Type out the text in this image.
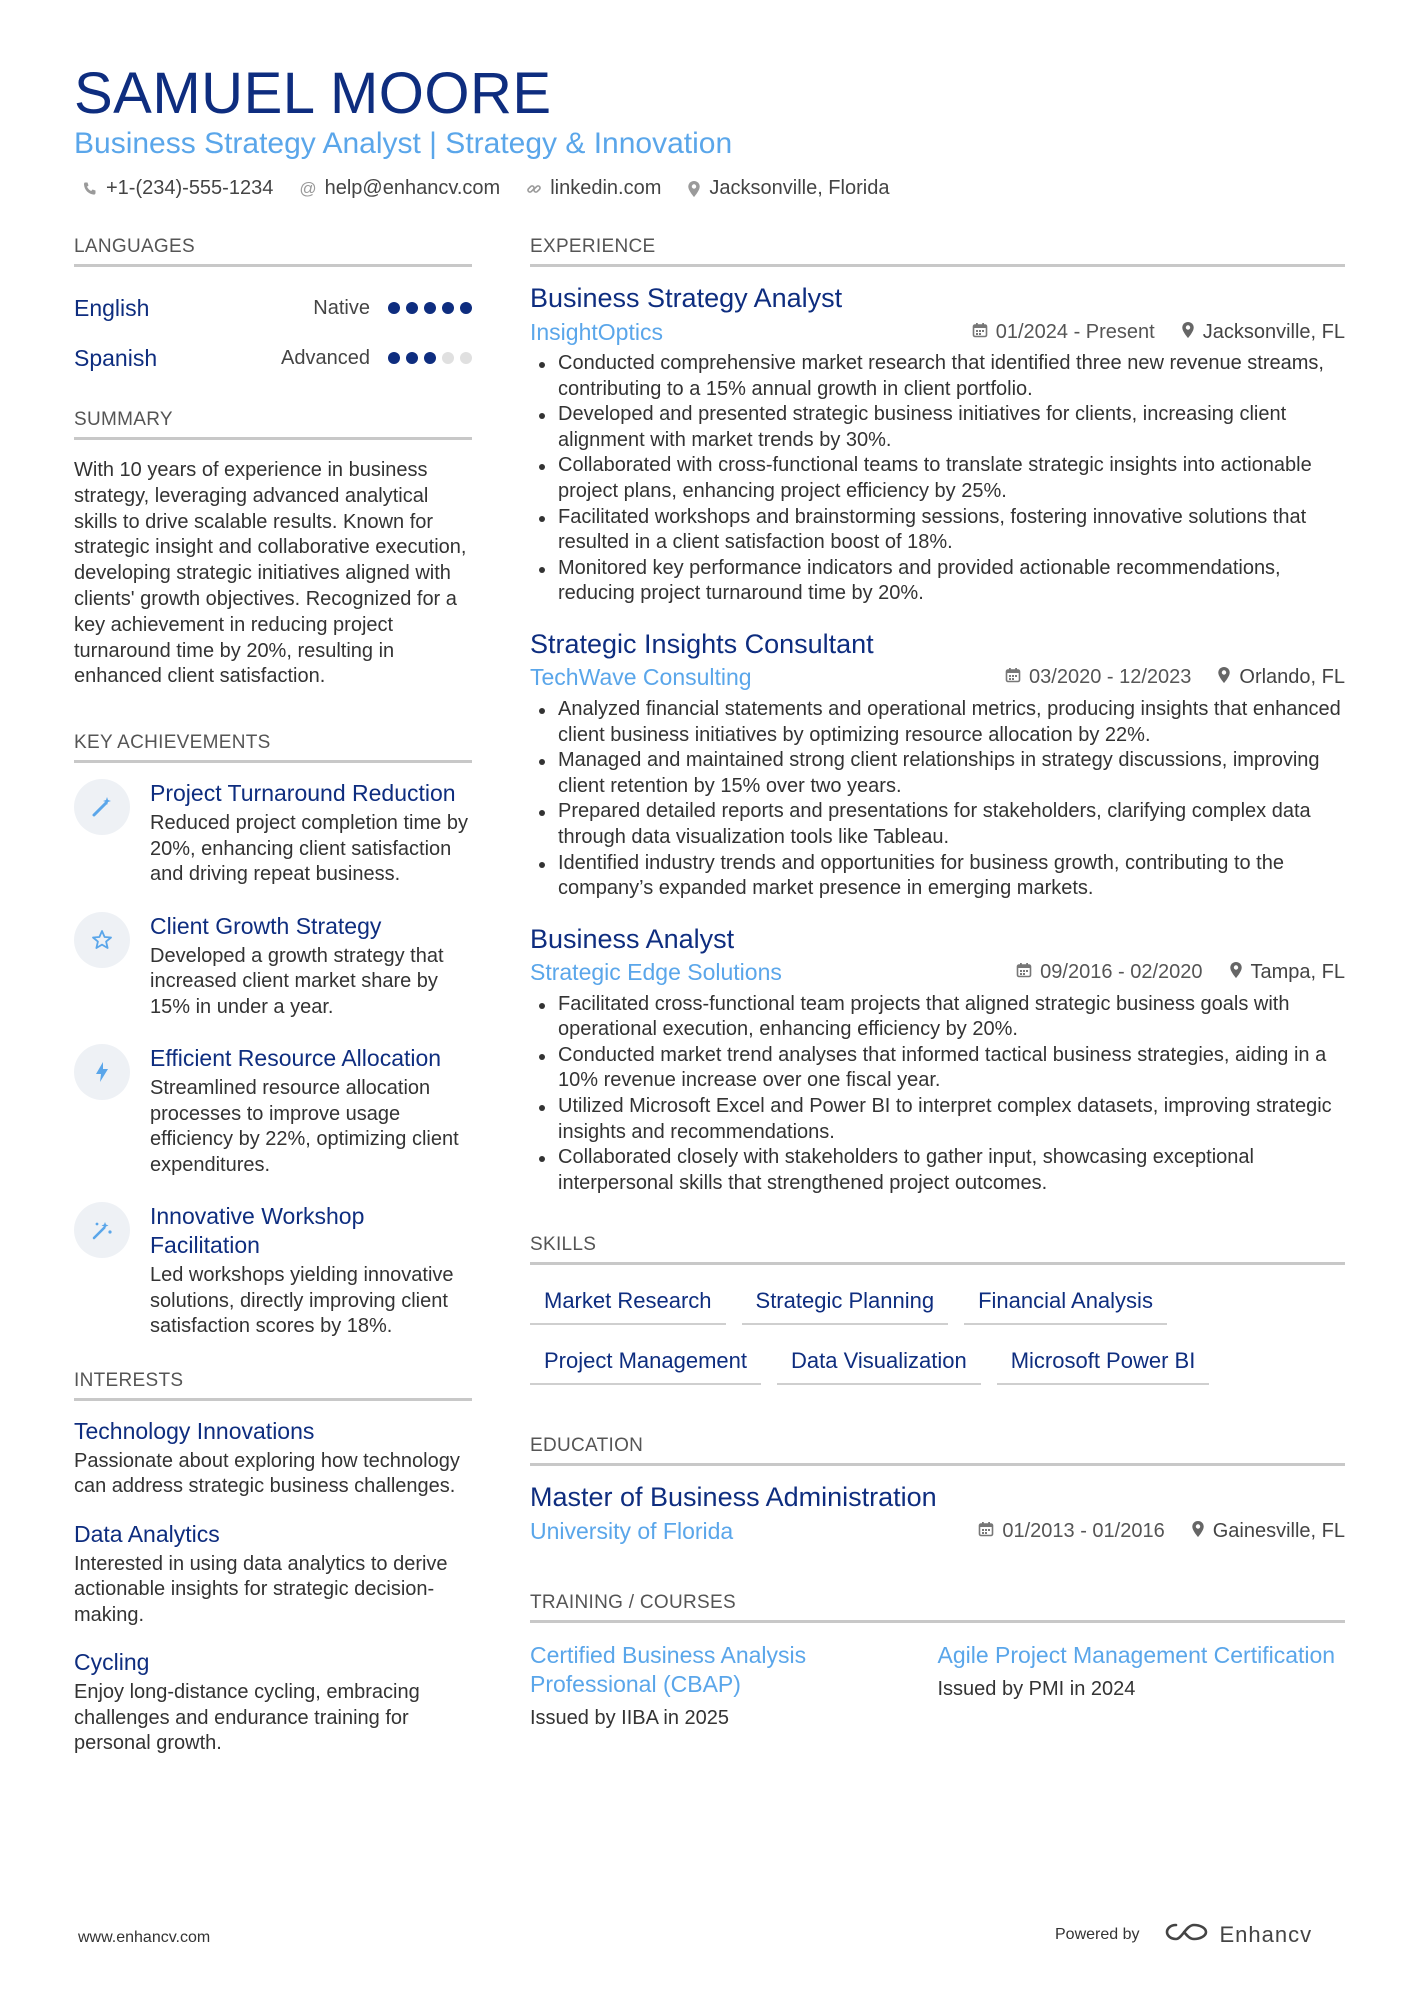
SAMUEL MOORE
Business Strategy Analyst | Strategy & Innovation
+1-(234)-555-1234 @ help@enhancv.com	linkedin.com Jacksonville, Florida
LANGUAGES
English	Native
Spanish	Advanced
SUMMARY
With 10 years of experience in business strategy, leveraging advanced analytical skills to drive scalable results. Known for strategic insight and collaborative execution, developing strategic initiatives aligned with clients' growth objectives. Recognized for a key achievement in reducing project turnaround time by 20%, resulting in enhanced client satisfaction.
KEY ACHIEVEMENTS
Project Turnaround Reduction
Reduced project completion time by 20%, enhancing client satisfaction and driving repeat business.
Client Growth Strategy
Developed a growth strategy that increased client market share by 15% in under a year.
Efficient Resource Allocation
Streamlined resource allocation processes to improve usage efficiency by 22%, optimizing client expenditures.
Innovative Workshop Facilitation
Led workshops yielding innovative solutions, directly improving client satisfaction scores by 18%.
INTERESTS
Technology Innovations
Passionate about exploring how technology can address strategic business challenges.
Data Analytics
Interested in using data analytics to derive actionable insights for strategic decision-making.
Cycling
Enjoy long-distance cycling, embracing challenges and endurance training for personal growth.
EXPERIENCE
Business Strategy Analyst
InsightOptics	01/2024 - Present Jacksonville, FL
Conducted comprehensive market research that identified three new revenue streams, contributing to a 15% annual growth in client portfolio.
Developed and presented strategic business initiatives for clients, increasing client alignment with market trends by 30%.
Collaborated with cross-functional teams to translate strategic insights into actionable project plans, enhancing project efficiency by 25%.
Facilitated workshops and brainstorming sessions, fostering innovative solutions that resulted in a client satisfaction boost of 18%.
Monitored key performance indicators and provided actionable recommendations, reducing project turnaround time by 20%.
Strategic Insights Consultant
TechWave Consulting	03/2020 - 12/2023 Orlando, FL
Analyzed financial statements and operational metrics, producing insights that enhanced client business initiatives by optimizing resource allocation by 22%.
Managed and maintained strong client relationships in strategy discussions, improving client retention by 15% over two years.
Prepared detailed reports and presentations for stakeholders, clarifying complex data through data visualization tools like Tableau.
Identified industry trends and opportunities for business growth, contributing to the company’s expanded market presence in emerging markets.
Business Analyst
Strategic Edge Solutions	09/2016 - 02/2020 Tampa, FL
Facilitated cross-functional team projects that aligned strategic business goals with operational execution, enhancing efficiency by 20%.
Conducted market trend analyses that informed tactical business strategies, aiding in a 10% revenue increase over one fiscal year.
Utilized Microsoft Excel and Power BI to interpret complex datasets, improving strategic insights and recommendations.
Collaborated closely with stakeholders to gather input, showcasing exceptional interpersonal skills that strengthened project outcomes.
SKILLS
Market Research	Strategic Planning	Financial Analysis
Project Management	Data Visualization	Microsoft Power BI
EDUCATION
Master of Business Administration
University of Florida	01/2013 - 01/2016 Gainesville, FL
TRAINING / COURSES
Certified Business Analysis Professional (CBAP)
Issued by IIBA in 2025
Agile Project Management Certification
Issued by PMI in 2024
www.enhancv.com	Powered by	Enhancv
